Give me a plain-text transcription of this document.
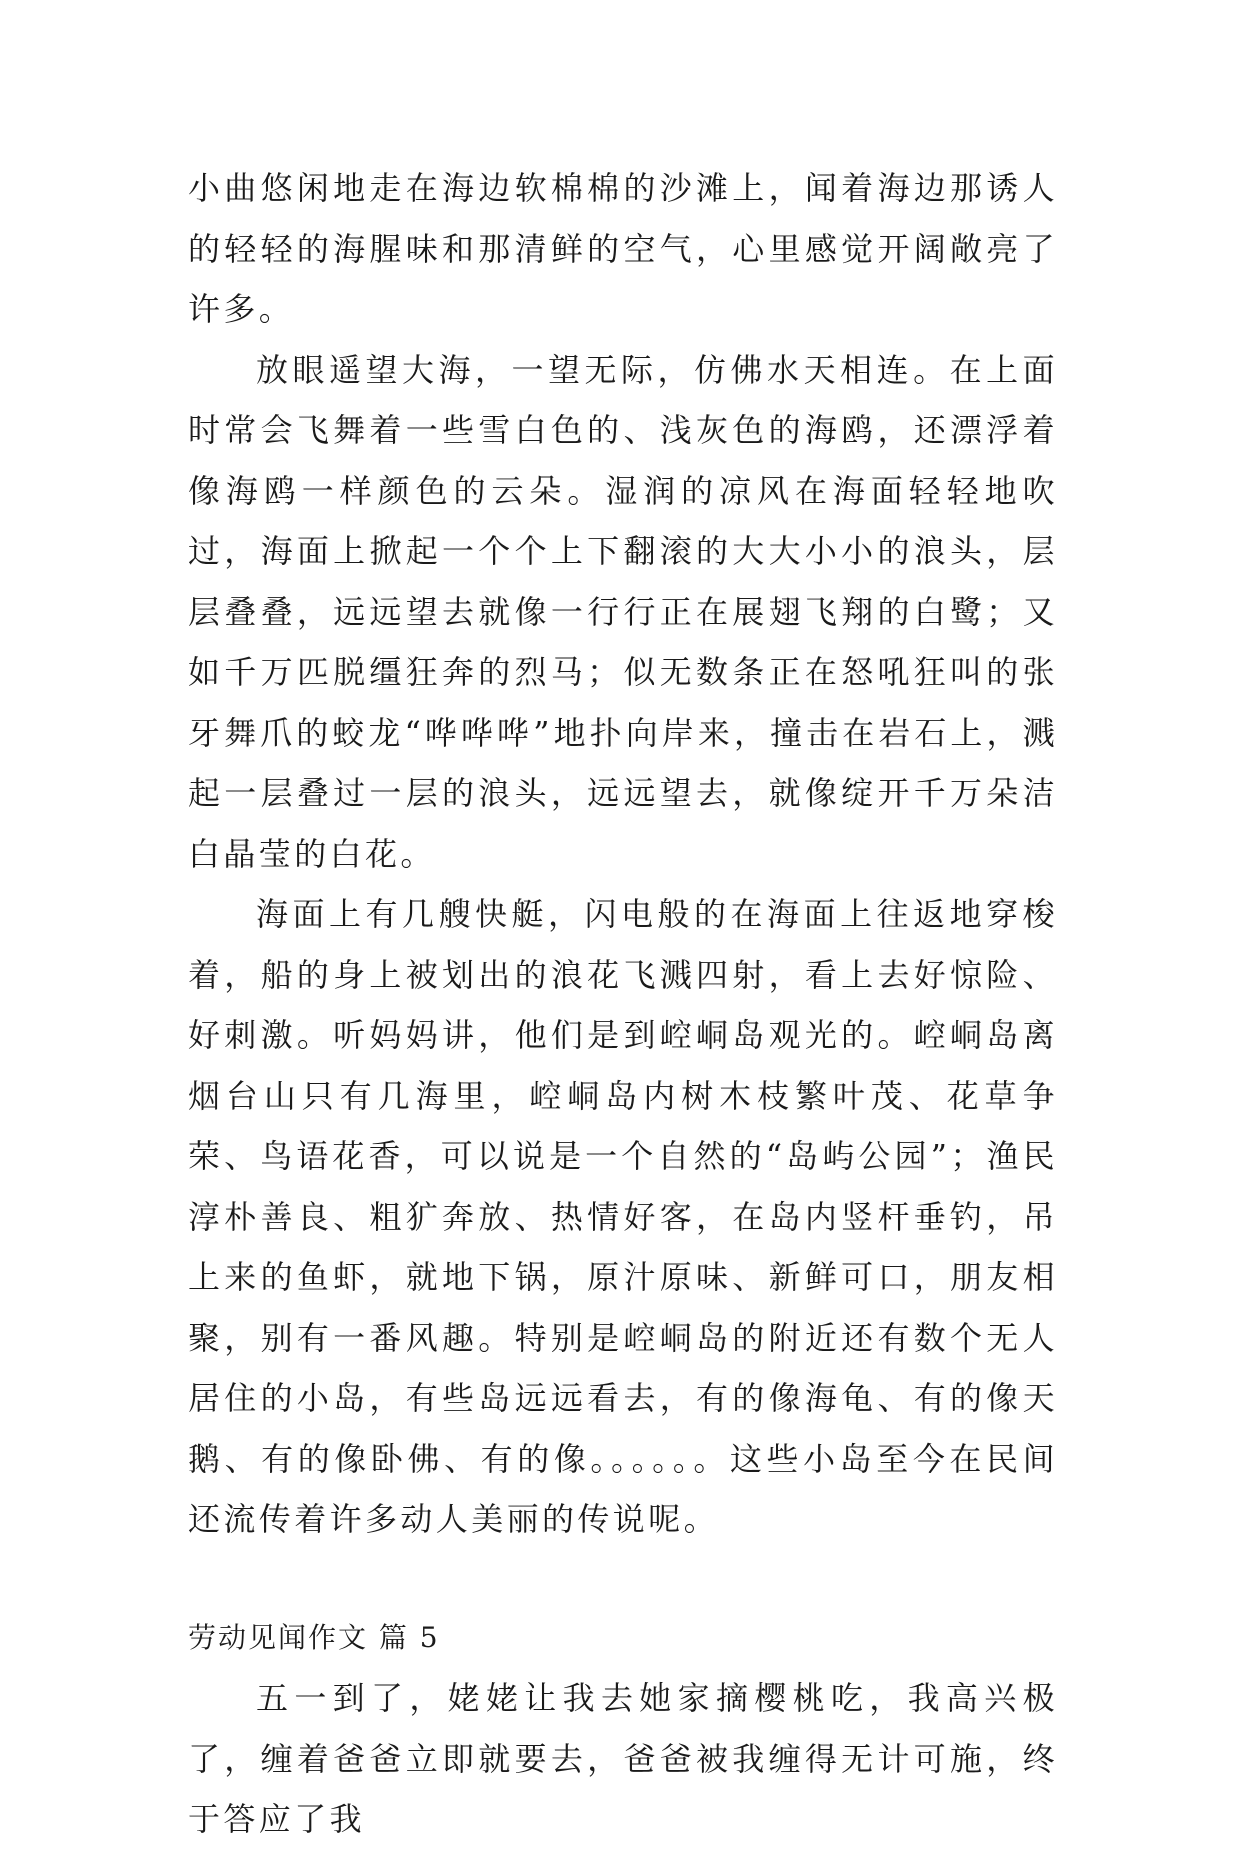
小曲悠闲地走在海边软棉棉的沙滩上，闻着海边那诱人的轻轻的海腥味和那清鲜的空气，心里感觉开阔敞亮了许多。

放眼遥望大海，一望无际，仿佛水天相连。在上面时常会飞舞着一些雪白色的、浅灰色的海鸥，还漂浮着像海鸥一样颜色的云朵。湿润的凉风在海面轻轻地吹过，海面上掀起一个个上下翻滚的大大小小的浪头，层层叠叠，远远望去就像一行行正在展翅飞翔的白鹭；又如千万匹脱缰狂奔的烈马；似无数条正在怒吼狂叫的张牙舞爪的蛟龙“哗哗哗”地扑向岸来，撞击在岩石上，溅起一层叠过一层的浪头，远远望去，就像绽开千万朵洁白晶莹的白花。

海面上有几艘快艇，闪电般的在海面上往返地穿梭着，船的身上被划出的浪花飞溅四射，看上去好惊险、好刺激。听妈妈讲，他们是到崆峒岛观光的。崆峒岛离烟台山只有几海里，崆峒岛内树木枝繁叶茂、花草争荣、鸟语花香，可以说是一个自然的“岛屿公园”；渔民淳朴善良、粗犷奔放、热情好客，在岛内竖杆垂钓，吊上来的鱼虾，就地下锅，原汁原味、新鲜可口，朋友相聚，别有一番风趣。特别是崆峒岛的附近还有数个无人居住的小岛，有些岛远远看去，有的像海龟、有的像天鹅、有的像卧佛、有的像。。。。。。这些小岛至今在民间还流传着许多动人美丽的传说呢。

劳动见闻作文 篇 5

五一到了，姥姥让我去她家摘樱桃吃，我高兴极了，缠着爸爸立即就要去，爸爸被我缠得无计可施，终于答应了我
